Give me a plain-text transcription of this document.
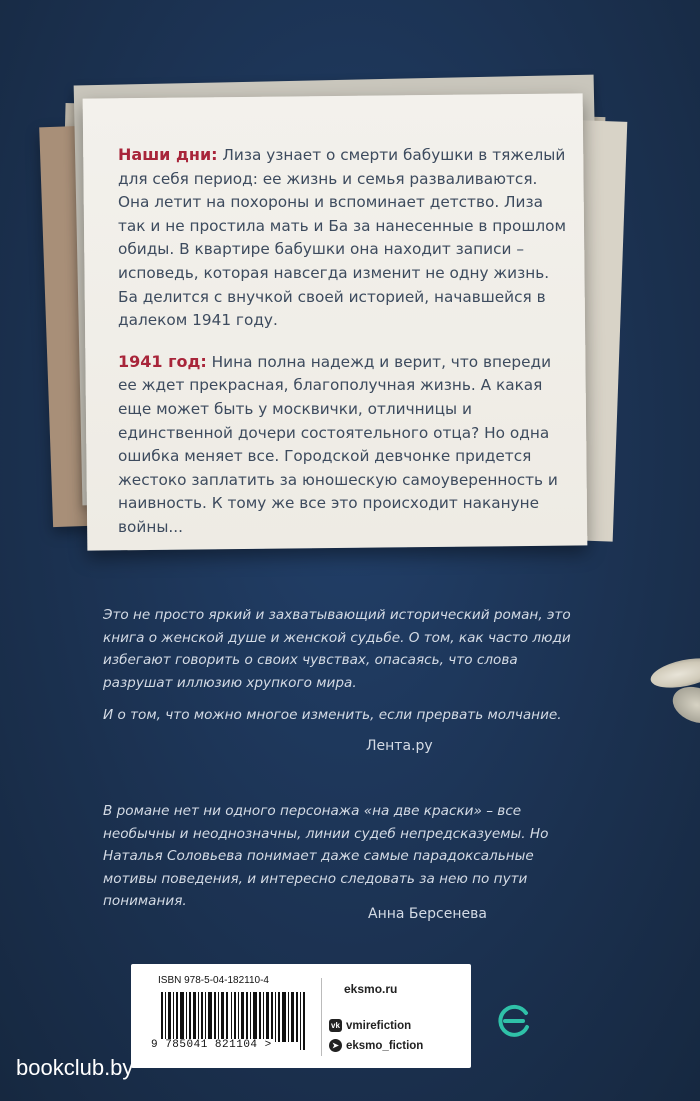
Наши дни: Лиза узнает о смерти бабушки в тяжелый для себя период: ее жизнь и семья разваливаются. Она летит на похороны и вспоминает детство. Лиза так и не простила мать и Ба за нанесенные в прошлом обиды. В квартире бабушки она находит записи – исповедь, которая навсегда изменит не одну жизнь. Ба делится с внучкой своей историей, начавшейся в далеком 1941 году.

1941 год: Нина полна надежд и верит, что впереди ее ждет прекрасная, благополучная жизнь. А какая еще может быть у москвички, отличницы и единственной дочери состоятельного отца? Но одна ошибка меняет все. Городской девчонке придется жестоко заплатить за юношескую самоуверенность и наивность. К тому же все это происходит накануне войны...

Это не просто яркий и захватывающий исторический роман, это книга о женской душе и женской судьбе. О том, как часто люди избегают говорить о своих чувствах, опасаясь, что слова разрушат иллюзию хрупкого мира.

И о том, что можно многое изменить, если прервать молчание.

Лента.ру

В романе нет ни одного персонажа «на две краски» – все необычны и неоднозначны, линии судеб непредсказуемы. Но Наталья Соловьева понимает даже самые парадоксальные мотивы поведения, и интересно следовать за нею по пути понимания.

Анна Берсенева
ISBN 978-5-04-182110-4
9 785041 821104 >
eksmo.ru
vk vmirefiction
➤ eksmo_fiction
bookclub.by
